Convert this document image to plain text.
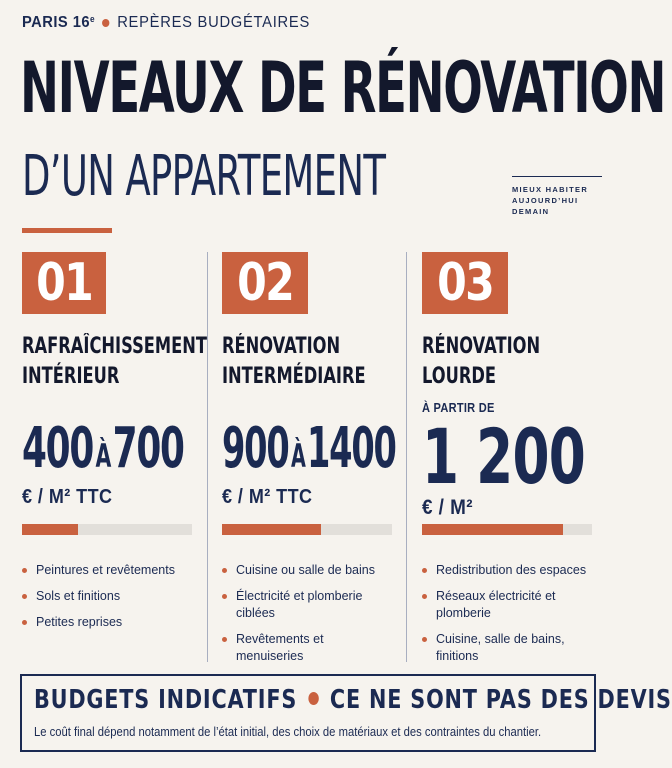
PARIS 16e REPÈRES BUDGÉTAIRES
NIVEAUX DE RÉNOVATION
D’UN APPARTEMENT	MIEUX HABITER
AUJOURD’HUI
DEMAIN
01
RAFRAÎCHISSEMENT
INTÉRIEUR
400À700
€ / M² TTC
Peintures et revêtements
Sols et finitions
Petites reprises
02
RÉNOVATION
INTERMÉDIAIRE
900À1400
€ / M² TTC
Cuisine ou salle de bains
Électricité et plomberie ciblées
Revêtements et menuiseries
03
RÉNOVATION
LOURDE
À PARTIR DE
1 200
€ / M²
Redistribution des espaces
Réseaux électricité et plomberie
Cuisine, salle de bains, finitions
BUDGETS INDICATIFS CE NE SONT PAS DES DEVIS
Le coût final dépend notamment de l’état initial, des choix de matériaux et des contraintes du chantier.
